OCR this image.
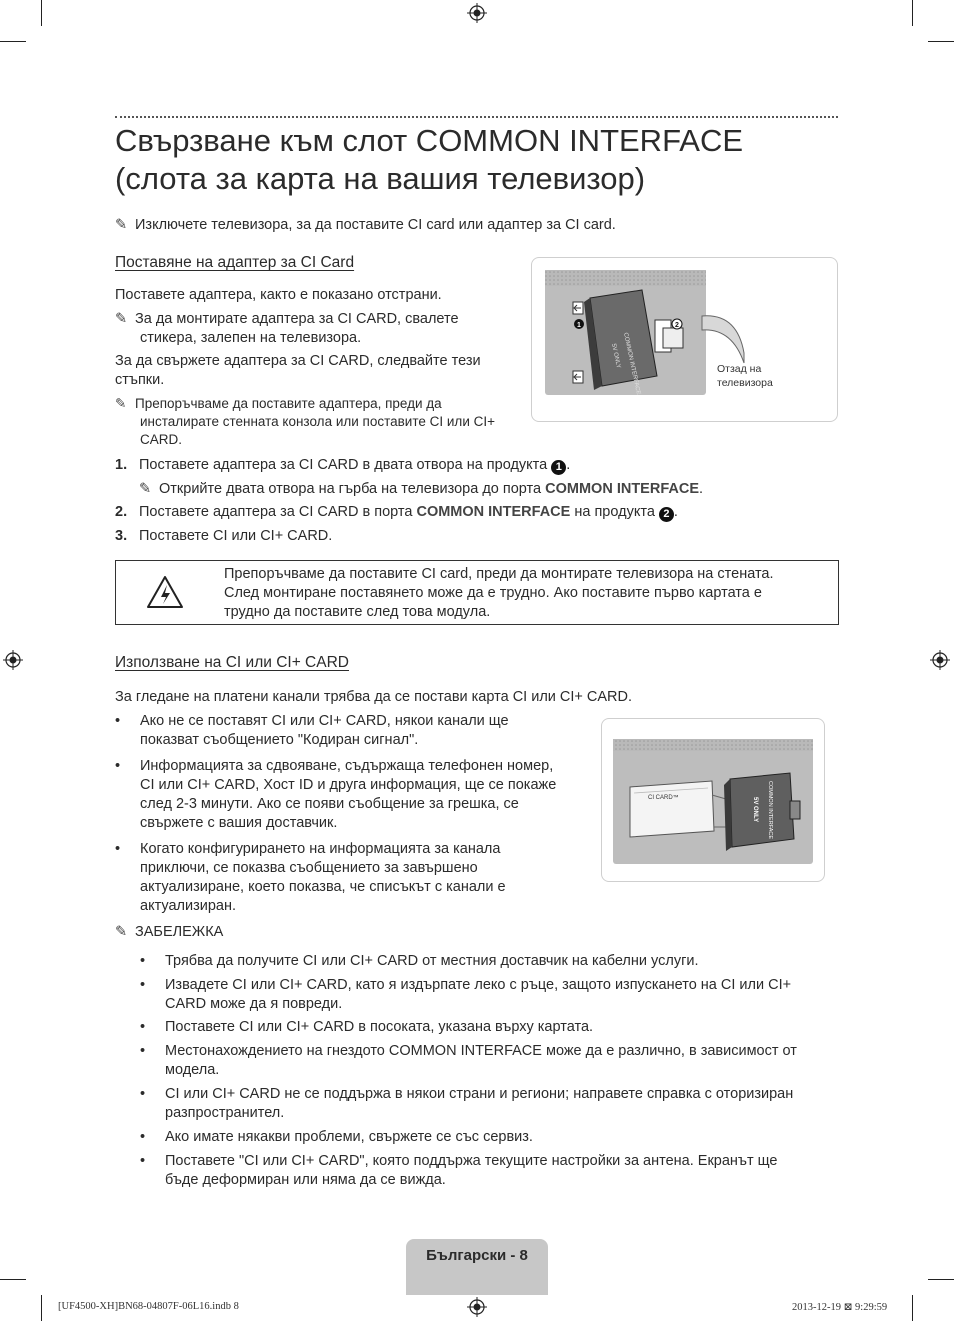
Свързване към слот COMMON INTERFACE
(слота за карта на вашия телевизор)
✎ Изключете телевизора, за да поставите CI card или адаптер за CI card.
Поставяне на адаптер за CI Card
Поставете адаптера, както е показано отстрани.
✎ За да монтирате адаптера за CI CARD, свалете
стикера, залепен на телевизора.
За да свържете адаптера за CI CARD, следвайте тези
стъпки.
✎ Препоръчваме да поставите адаптера, преди да
инсталирате стенната конзола или поставите CI или CI+
CARD.
COMMON INTERFACE
5V ONLY
1	2
Отзад на
телевизора
1. Поставете адаптера за CI CARD в двата отвора на продукта 1 .
✎ Открийте двата отвора на гърба на телевизора до порта COMMON INTERFACE.
2. Поставете адаптера за CI CARD в порта COMMON INTERFACE на продукта 2 .
3. Поставете CI или CI+ CARD.
Препоръчваме да поставите CI card, преди да монтирате телевизора на стената.
След монтиране поставянето може да е трудно. Ако поставите първо картата е
трудно да поставите след това модула.
Използване на CI или CI+ CARD
За гледане на платени канали трябва да се постави карта CI или CI+ CARD.
• Ако не се поставят CI или CI+ CARD, някои канали ще
показват съобщението "Кодиран сигнал".
• Информацията за сдвояване, съдържаща телефонен номер,
CI или CI+ CARD, Хост ID и друга информация, ще се покаже
след 2-3 минути. Ако се появи съобщение за грешка, се
свържете с вашия доставчик.
• Когато конфигурирането на информацията за канала
приключи, се показва съобщението за завършено
актуализиране, което показва, че списъкът с канали е
актуализиран.
CI CARD™	COMMON INTERFACE
5V ONLY
✎ ЗАБЕЛЕЖКА
• Трябва да получите CI или CI+ CARD от местния доставчик на кабелни услуги.
• Извадете CI или CI+ CARD, като я издърпате леко с ръце, защото изпускането на CI или CI+
CARD може да я повреди.
• Поставете CI или CI+ CARD в посоката, указана върху картата.
• Местонахождението на гнездото COMMON INTERFACE може да е различно, в зависимост от
модела.
• CI или CI+ CARD не се поддържа в някои страни и региони; направете справка с оторизиран
разпространител.
• Ако имате някакви проблеми, свържете се със сервиз.
• Поставете "CI или CI+ CARD", която поддържа текущите настройки за антена. Екранът ще
бъде деформиран или няма да се вижда.
Български - 8
[UF4500-XH]BN68-04807F-06L16.indb 8	2013-12-19 ⊠ 9:29:59
